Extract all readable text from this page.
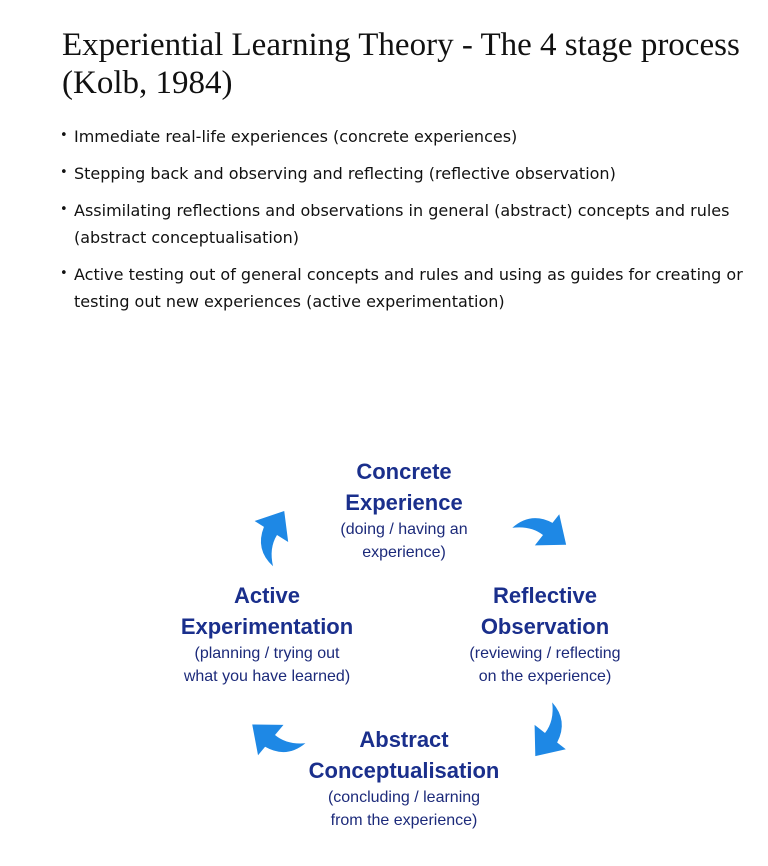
Experiential Learning Theory - The 4 stage process (Kolb, 1984)
• Immediate real-life experiences (concrete experiences)
• Stepping back and observing and reflecting (reflective observation)
• Assimilating reflections and observations in general (abstract) concepts and rules (abstract conceptualisation)
• Active testing out of general concepts and rules and using as guides for creating or testing out new experiences (active experimentation)
Concrete
Experience
(doing / having an
experience)
Reflective
Observation
(reviewing / reflecting
on the experience)
Abstract
Conceptualisation
(concluding / learning
from the experience)
Active
Experimentation
(planning / trying out
what you have learned)
